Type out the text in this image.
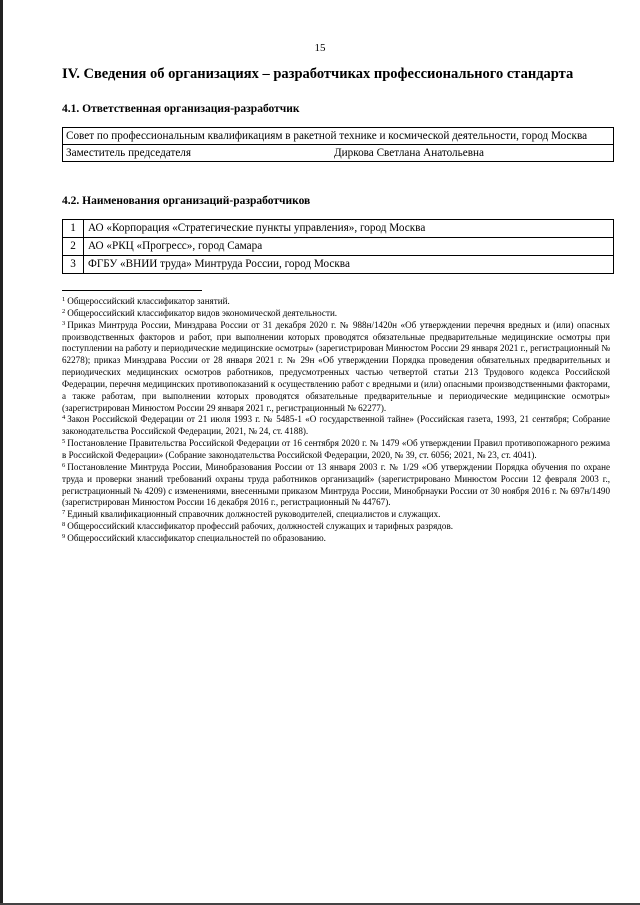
15
IV. Сведения об организациях – разработчиках профессионального стандарта
4.1. Ответственная организация-разработчик
Совет по профессиональным квалификациям в ракетной технике и космической деятельности, город Москва
Заместитель председателя	Диркова Светлана Анатольевна
4.2. Наименования организаций-разработчиков
1	АО «Корпорация «Стратегические пункты управления», город Москва
2	АО «РКЦ «Прогресс», город Самара
3	ФГБУ «ВНИИ труда» Минтруда России, город Москва

$^1$ Общероссийский классификатор занятий.

$^2$ Общероссийский классификатор видов экономической деятельности.

$^3$ Приказ Минтруда России, Минздрава России от 31 декабря 2020 г. № 988н/1420н «Об утверждении перечня вредных и (или) опасных производственных факторов и работ, при выполнении которых проводятся обязательные предварительные медицинские осмотры при поступлении на работу и периодические медицинские осмотры» (зарегистрирован Минюстом России 29 января 2021 г., регистрационный № 62278); приказ Минздрава России от 28 января 2021 г. № 29н «Об утверждении Порядка проведения обязательных предварительных и периодических медицинских осмотров работников, предусмотренных частью четвертой статьи 213 Трудового кодекса Российской Федерации, перечня медицинских противопоказаний к осуществлению работ с вредными и (или) опасными производственными факторами, а также работам, при выполнении которых проводятся обязательные предварительные и периодические медицинские осмотры» (зарегистрирован Минюстом России 29 января 2021 г., регистрационный № 62277).

$^4$ Закон Российской Федерации от 21 июля 1993 г. № 5485-1 «О государственной тайне» (Российская газета, 1993, 21 сентября; Собрание законодательства Российской Федерации, 2021, № 24, ст. 4188).

$^5$ Постановление Правительства Российской Федерации от 16 сентября 2020 г. № 1479 «Об утверждении Правил противопожарного режима в Российской Федерации» (Собрание законодательства Российской Федерации, 2020, № 39, ст. 6056; 2021, № 23, ст. 4041).

$^6$ Постановление Минтруда России, Минобразования России от 13 января 2003 г. № 1/29 «Об утверждении Порядка обучения по охране труда и проверки знаний требований охраны труда работников организаций» (зарегистрировано Минюстом России 12 февраля 2003 г., регистрационный № 4209) с изменениями, внесенными приказом Минтруда России, Минобрнауки России от 30 ноября 2016 г. № 697н/1490 (зарегистрирован Минюстом России 16 декабря 2016 г., регистрационный № 44767).

$^7$ Единый квалификационный справочник должностей руководителей, специалистов и служащих.

$^8$ Общероссийский классификатор профессий рабочих, должностей служащих и тарифных разрядов.

$^9$ Общероссийский классификатор специальностей по образованию.
